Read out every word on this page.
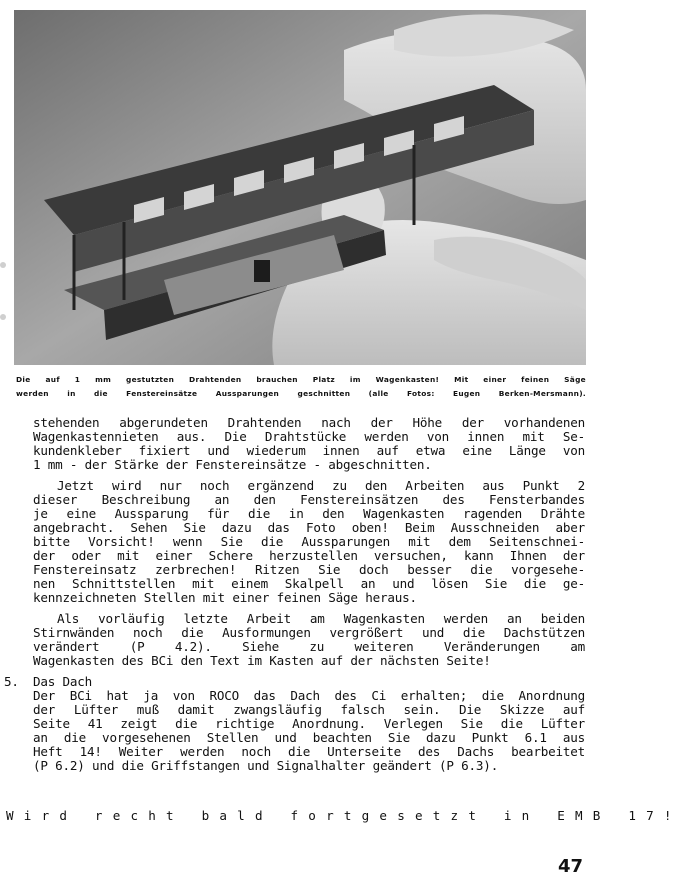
Die auf 1 mm gestutzten Drahtenden brauchen Platz im Wagenkasten! Mit einer feinen Säge
werden in die Fenstereinsätze Aussparungen geschnitten (alle Fotos: Eugen Berken-Mersmann).
stehenden abgerundeten Drahtenden nach der Höhe der vorhandenen
Wagenkastennieten aus. Die Drahtstücke werden von innen mit Se-
kundenkleber fixiert und wiederum innen auf etwa eine Länge von
1 mm - der Stärke der Fenstereinsätze - abgeschnitten.
Jetzt wird nur noch ergänzend zu den Arbeiten aus Punkt 2
dieser Beschreibung an den Fenstereinsätzen des Fensterbandes
je eine Aussparung für die in den Wagenkasten ragenden Drähte
angebracht. Sehen Sie dazu das Foto oben! Beim Ausschneiden aber
bitte Vorsicht! wenn Sie die Aussparungen mit dem Seitenschnei-
der oder mit einer Schere herzustellen versuchen, kann Ihnen der
Fenstereinsatz zerbrechen! Ritzen Sie doch besser die vorgesehe-
nen Schnittstellen mit einem Skalpell an und lösen Sie die ge-
kennzeichneten Stellen mit einer feinen Säge heraus.
Als vorläufig letzte Arbeit am Wagenkasten werden an beiden
Stirnwänden noch die Ausformungen vergrößert und die Dachstützen
verändert (P 4.2). Siehe zu weiteren Veränderungen am
Wagenkasten des BCi den Text im Kasten auf der nächsten Seite!
5. Das Dach
Der BCi hat ja von ROCO das Dach des Ci erhalten; die Anordnung
der Lüfter muß damit zwangsläufig falsch sein. Die Skizze auf
Seite 41 zeigt die richtige Anordnung. Verlegen Sie die Lüfter
an die vorgesehenen Stellen und beachten Sie dazu Punkt 6.1 aus
Heft 14! Weiter werden noch die Unterseite des Dachs bearbeitet
(P 6.2) und die Griffstangen und Signalhalter geändert (P 6.3).
Wird recht bald fortgesetzt in EMB 17!
47
